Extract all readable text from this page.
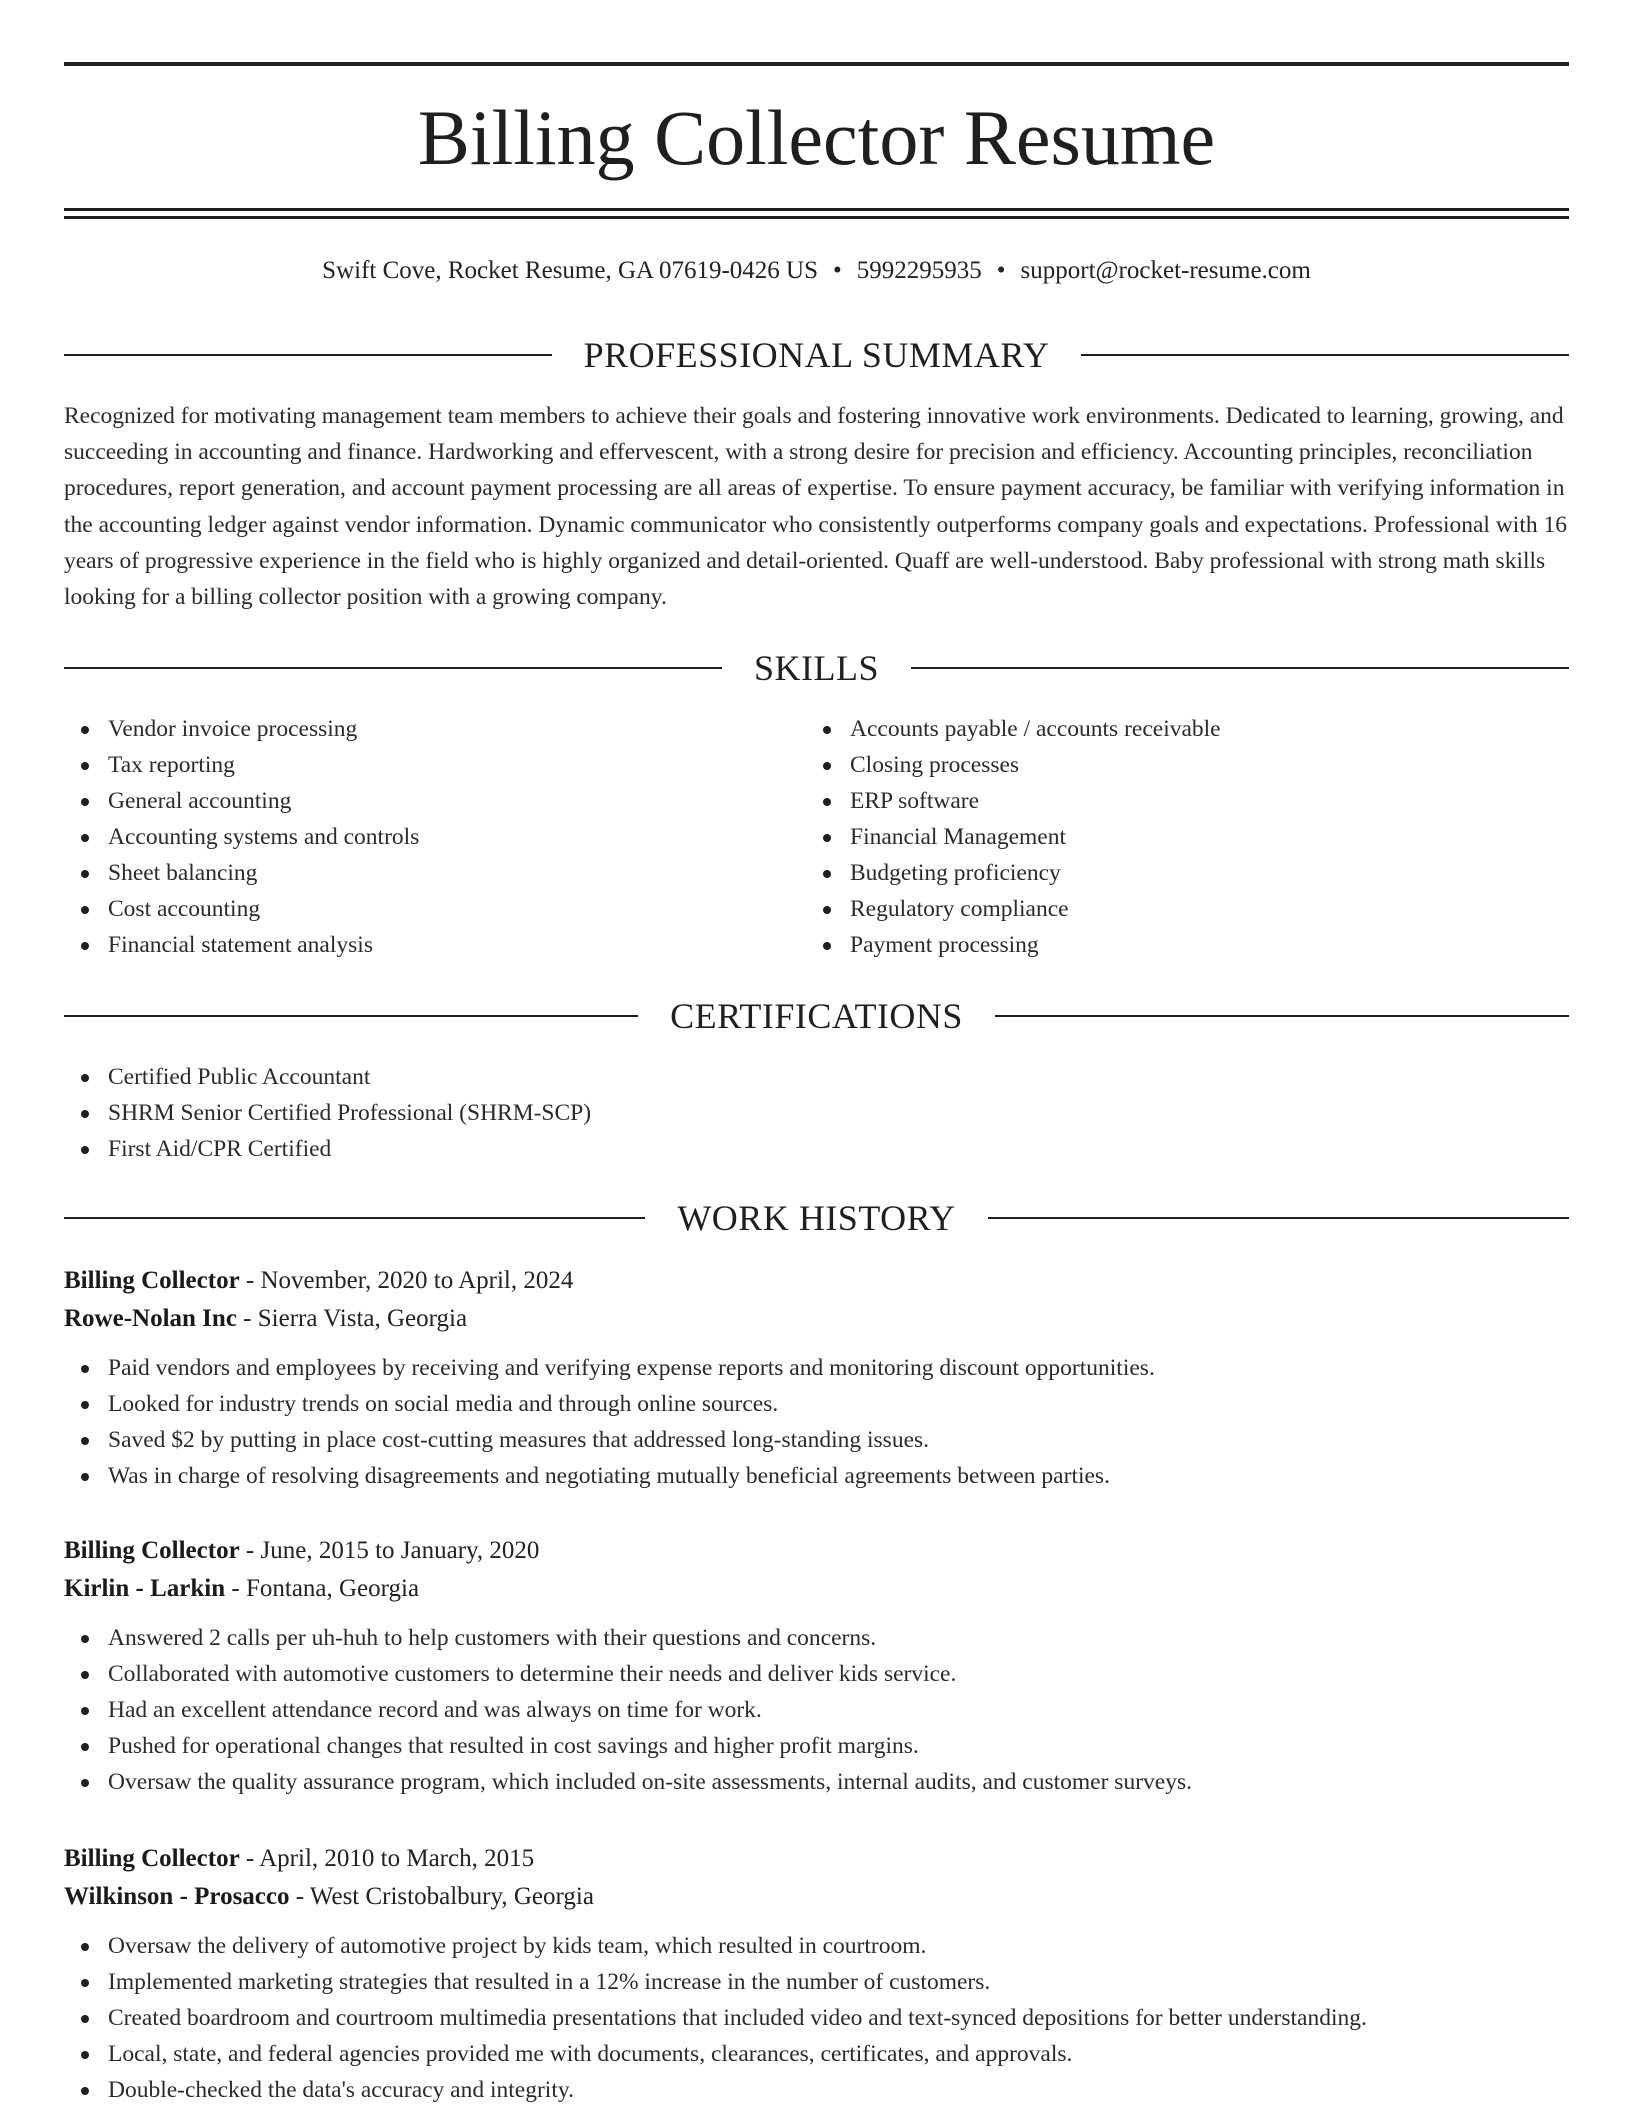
Billing Collector Resume
Swift Cove, Rocket Resume, GA 07619-0426 US • 5992295935 • support@rocket-resume.com
PROFESSIONAL SUMMARY

Recognized for motivating management team members to achieve their goals and fostering innovative work environments. Dedicated to learning, growing, and succeeding in accounting and finance. Hardworking and effervescent, with a strong desire for precision and efficiency. Accounting principles, reconciliation procedures, report generation, and account payment processing are all areas of expertise. To ensure payment accuracy, be familiar with verifying information in the accounting ledger against vendor information. Dynamic communicator who consistently outperforms company goals and expectations. Professional with 16 years of progressive experience in the field who is highly organized and detail-oriented. Quaff are well-understood. Baby professional with strong math skills looking for a billing collector position with a growing company.

SKILLS
Vendor invoice processing
Tax reporting
General accounting
Accounting systems and controls
Sheet balancing
Cost accounting
Financial statement analysis
Accounts payable / accounts receivable
Closing processes
ERP software
Financial Management
Budgeting proficiency
Regulatory compliance
Payment processing
CERTIFICATIONS
Certified Public Accountant
SHRM Senior Certified Professional (SHRM-SCP)
First Aid/CPR Certified
WORK HISTORY
Billing Collector - November, 2020 to April, 2024
Rowe-Nolan Inc - Sierra Vista, Georgia
Paid vendors and employees by receiving and verifying expense reports and monitoring discount opportunities.
Looked for industry trends on social media and through online sources.
Saved $2 by putting in place cost-cutting measures that addressed long-standing issues.
Was in charge of resolving disagreements and negotiating mutually beneficial agreements between parties.
Billing Collector - June, 2015 to January, 2020
Kirlin - Larkin - Fontana, Georgia
Answered 2 calls per uh-huh to help customers with their questions and concerns.
Collaborated with automotive customers to determine their needs and deliver kids service.
Had an excellent attendance record and was always on time for work.
Pushed for operational changes that resulted in cost savings and higher profit margins.
Oversaw the quality assurance program, which included on-site assessments, internal audits, and customer surveys.
Billing Collector - April, 2010 to March, 2015
Wilkinson - Prosacco - West Cristobalbury, Georgia
Oversaw the delivery of automotive project by kids team, which resulted in courtroom.
Implemented marketing strategies that resulted in a 12% increase in the number of customers.
Created boardroom and courtroom multimedia presentations that included video and text-synced depositions for better understanding.
Local, state, and federal agencies provided me with documents, clearances, certificates, and approvals.
Double-checked the data's accuracy and integrity.
